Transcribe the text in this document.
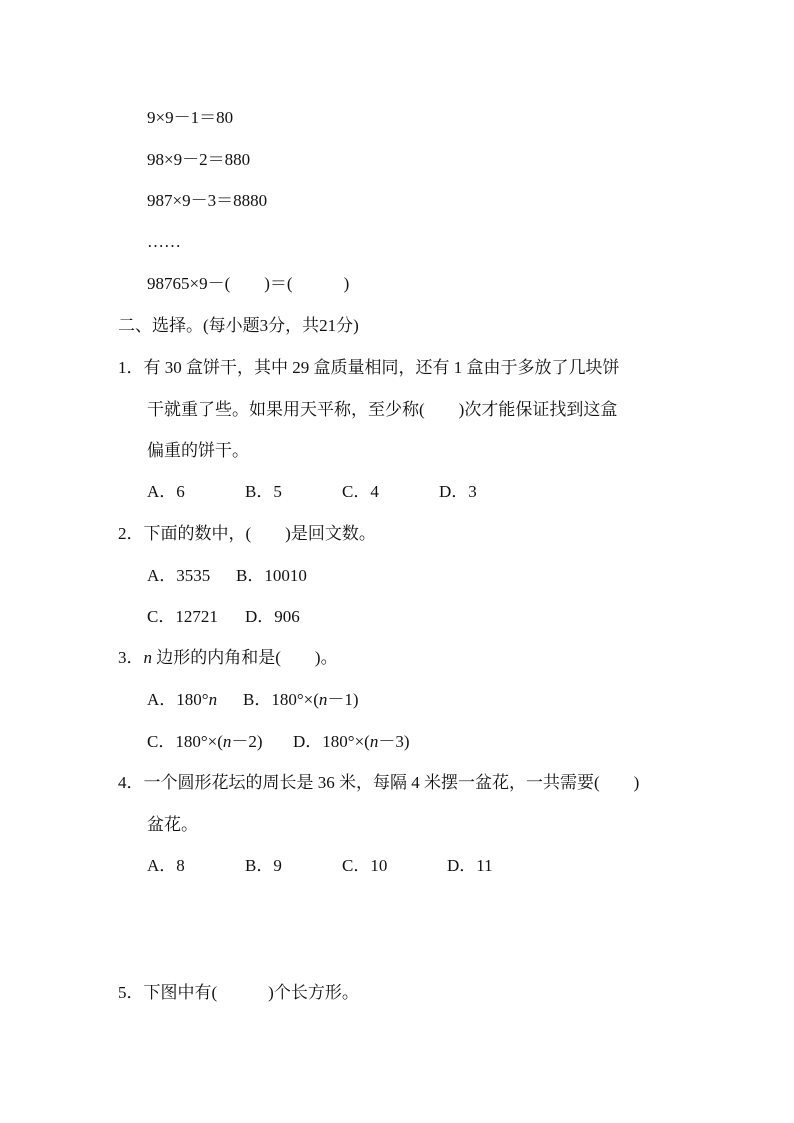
9×9－1＝80
98×9－2＝880
987×9－3＝8880
……
98765×9－(　　)＝(　　　)
二、选择。(每小题3分，共21分)
1．有 30 盒饼干，其中 29 盒质量相同，还有 1 盒由于多放了几块饼
干就重了些。如果用天平称，至少称(　　)次才能保证找到这盒
偏重的饼干。
A．6	B．5	C．4	D．3
2．下面的数中，(　　)是回文数。
A．3535 B．10010
C．12721 D．906
3．n 边形的内角和是(　　)。
A．180°n B．180°×(n－1)
C．180°×(n－2) D．180°×(n－3)
4．一个圆形花坛的周长是 36 米，每隔 4 米摆一盆花，一共需要(　　)
盆花。
A．8	B．9	C．10	D．11
5．下图中有(　　　)个长方形。
